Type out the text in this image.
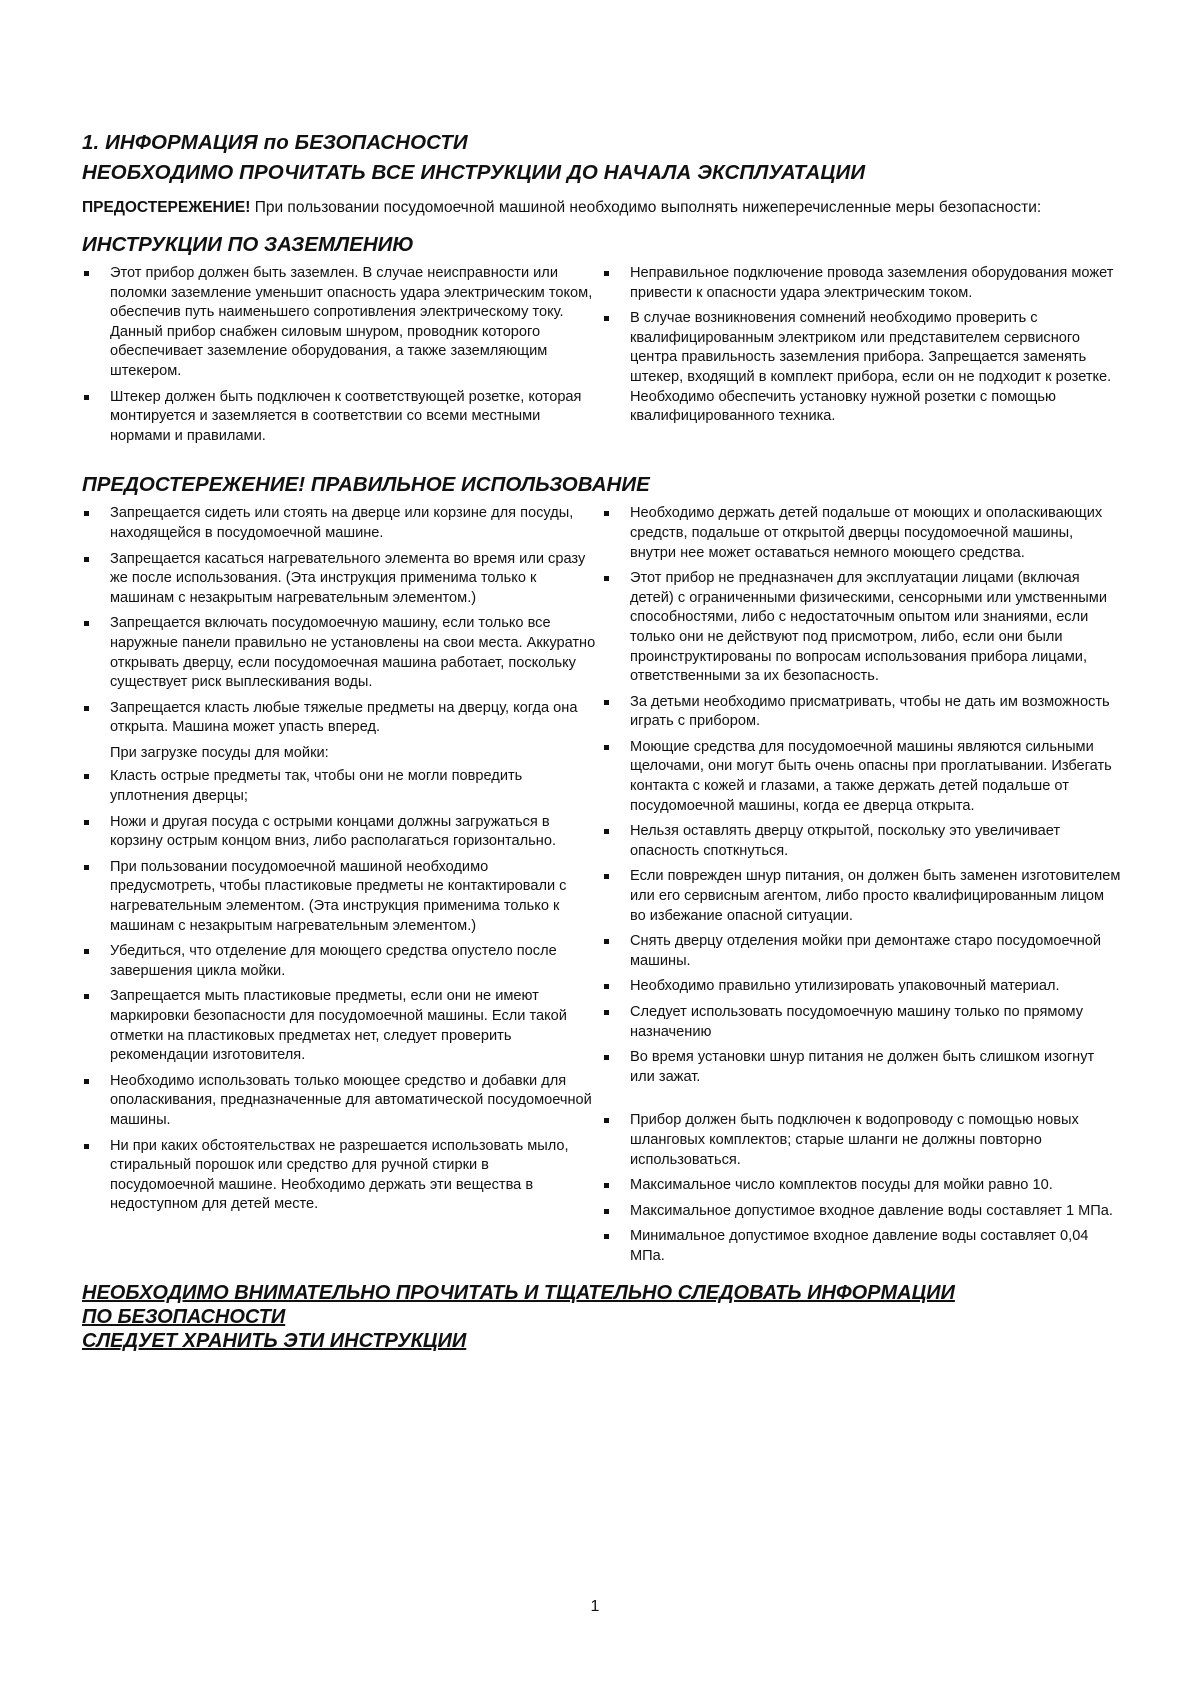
1. ИНФОРМАЦИЯ по БЕЗОПАСНОСТИ
НЕОБХОДИМО ПРОЧИТАТЬ ВСЕ ИНСТРУКЦИИ ДО НАЧАЛА ЭКСПЛУАТАЦИИ

ПРЕДОСТЕРЕЖЕНИЕ! При пользовании посудомоечной машиной необходимо выполнять нижеперечисленные меры безопасности:

ИНСТРУКЦИИ ПО ЗАЗЕМЛЕНИЮ
Этот прибор должен быть заземлен. В случае неисправности или поломки заземление уменьшит опасность удара электрическим током, обеспечив путь наименьшего сопротивления электрическому току. Данный прибор снабжен силовым шнуром, проводник которого обеспечивает заземление оборудования, а также заземляющим штекером.
Штекер должен быть подключен к соответствующей розетке, которая монтируется и заземляется в соответствии со всеми местными нормами и правилами.
Неправильное подключение провода заземления оборудования может привести к опасности удара электрическим током.
В случае возникновения сомнений необходимо проверить с квалифицированным электриком или представителем сервисного центра правильность заземления прибора. Запрещается заменять штекер, входящий в комплект прибора, если он не подходит к розетке. Необходимо обеспечить установку нужной розетки с помощью квалифицированного техника.
ПРЕДОСТЕРЕЖЕНИЕ! ПРАВИЛЬНОЕ ИСПОЛЬЗОВАНИЕ
Запрещается сидеть или стоять на дверце или корзине для посуды, находящейся в посудомоечной машине.
Запрещается касаться нагревательного элемента во время или сразу же после использования. (Эта инструкция применима только к машинам с незакрытым нагревательным элементом.)
Запрещается включать посудомоечную машину, если только все наружные панели правильно не установлены на свои места. Аккуратно открывать дверцу, если посудомоечная машина работает, поскольку существует риск выплескивания воды.
Запрещается класть любые тяжелые предметы на дверцу, когда она открыта. Машина может упасть вперед.
При загрузке посуды для мойки:
Класть острые предметы так, чтобы они не могли повредить уплотнения дверцы;
Ножи и другая посуда с острыми концами должны загружаться в корзину острым концом вниз, либо располагаться горизонтально.
При пользовании посудомоечной машиной необходимо предусмотреть, чтобы пластиковые предметы не контактировали с нагревательным элементом. (Эта инструкция применима только к машинам с незакрытым нагревательным элементом.)
Убедиться, что отделение для моющего средства опустело после завершения цикла мойки.
Запрещается мыть пластиковые предметы, если они не имеют маркировки безопасности для посудомоечной машины. Если такой отметки на пластиковых предметах нет, следует проверить рекомендации изготовителя.
Необходимо использовать только моющее средство и добавки для ополаскивания, предназначенные для автоматической посудомоечной машины.
Ни при каких обстоятельствах не разрешается использовать мыло, стиральный порошок или средство для ручной стирки в посудомоечной машине. Необходимо держать эти вещества в недоступном для детей месте.
Необходимо держать детей подальше от моющих и ополаскивающих средств, подальше от открытой дверцы посудомоечной машины, внутри нее может оставаться немного моющего средства.
Этот прибор не предназначен для эксплуатации лицами (включая детей) с ограниченными физическими, сенсорными или умственными способностями, либо с недостаточным опытом или знаниями, если только они не действуют под присмотром, либо, если они были проинструктированы по вопросам использования прибора лицами, ответственными за их безопасность.
За детьми необходимо присматривать, чтобы не дать им возможность играть с прибором.
Моющие средства для посудомоечной машины являются сильными щелочами, они могут быть очень опасны при проглатывании. Избегать контакта с кожей и глазами, а также держать детей подальше от посудомоечной машины, когда ее дверца открыта.
Нельзя оставлять дверцу открытой, поскольку это увеличивает опасность споткнуться.
Если поврежден шнур питания, он должен быть заменен изготовителем или его сервисным агентом, либо просто квалифицированным лицом во избежание опасной ситуации.
Снять дверцу отделения мойки при демонтаже старо посудомоечной машины.
Необходимо правильно утилизировать упаковочный материал.
Следует использовать посудомоечную машину только по прямому назначению
Во время установки шнур питания не должен быть слишком изогнут или зажат.
Прибор должен быть подключен к водопроводу с помощью новых шланговых комплектов; старые шланги не должны повторно использоваться.
Максимальное число комплектов посуды для мойки равно 10.
Максимальное допустимое входное давление воды составляет 1 МПа.
Минимальное допустимое входное давление воды составляет 0,04 МПа.
НЕОБХОДИМО ВНИМАТЕЛЬНО ПРОЧИТАТЬ И ТЩАТЕЛЬНО СЛЕДОВАТЬ ИНФОРМАЦИИ
ПО БЕЗОПАСНОСТИ
СЛЕДУЕТ ХРАНИТЬ ЭТИ ИНСТРУКЦИИ
1
